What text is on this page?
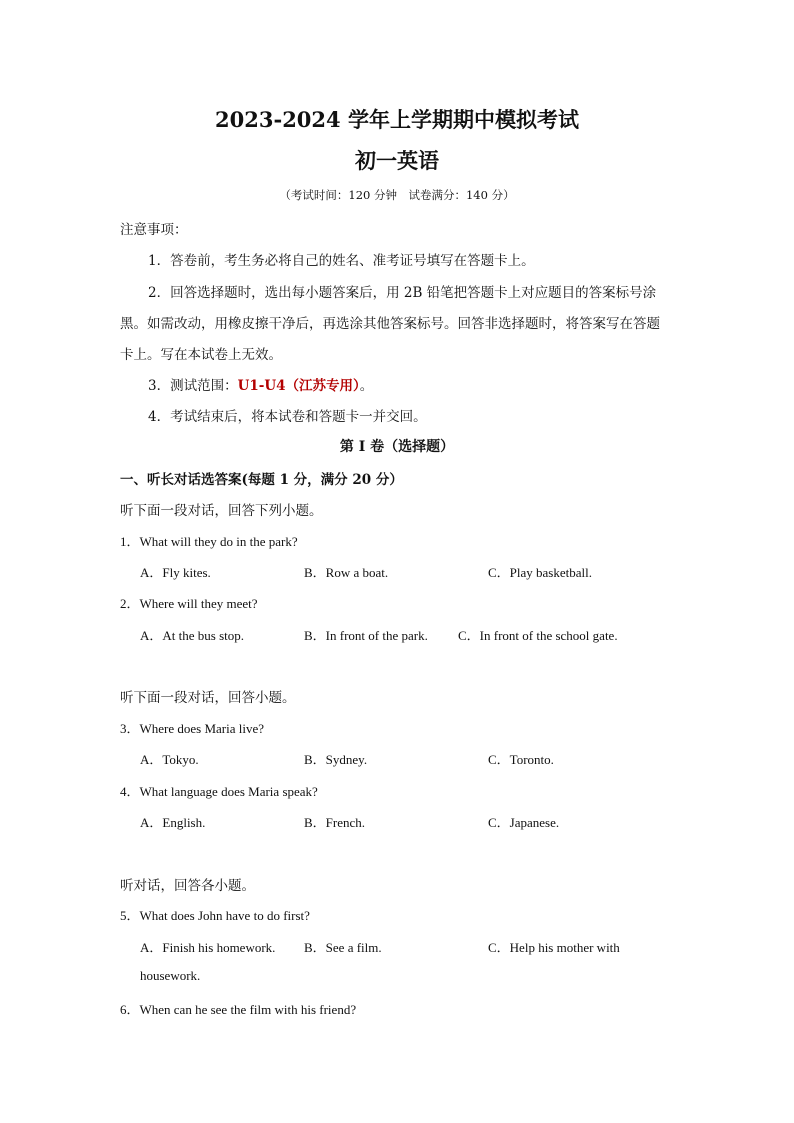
2023-2024 学年上学期期中模拟考试
初一英语
（考试时间：120 分钟　试卷满分：140 分）
注意事项：
1．答卷前，考生务必将自己的姓名、准考证号填写在答题卡上。
2．回答选择题时，选出每小题答案后，用 2B 铅笔把答题卡上对应题目的答案标号涂
黑。如需改动，用橡皮擦干净后，再选涂其他答案标号。回答非选择题时，将答案写在答题
卡上。写在本试卷上无效。
3．测试范围：U1-U4（江苏专用）。
4．考试结束后，将本试卷和答题卡一并交回。
第 I 卷（选择题）
一、听长对话选答案(每题 1 分，满分 20 分）
听下面一段对话，回答下列小题。
1．What will they do in the park?
A．Fly kites.	B．Row a boat.	C．Play basketball.
2．Where will they meet?
A．At the bus stop.	B．In front of the park. C．In front of the school gate.
听下面一段对话，回答小题。
3．Where does Maria live?
A．Tokyo.	B．Sydney.	C．Toronto.
4．What language does Maria speak?
A．English.	B．French.	C．Japanese.
听对话，回答各小题。
5．What does John have to do first?
A．Finish his homework. B．See a film.	C．Help his mother with
housework.
6．When can he see the film with his friend?
